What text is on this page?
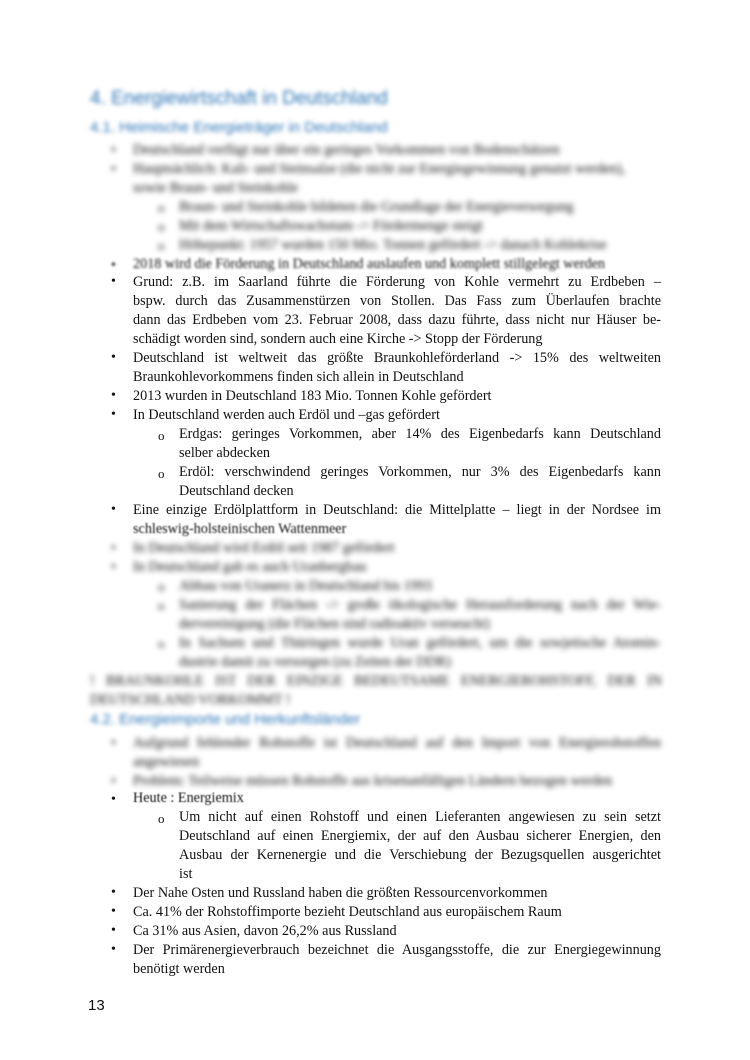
4. Energiewirtschaft in Deutschland
4.1. Heimische Energieträger in Deutschland
• Deutschland verfügt nur über ein geringes Vorkommen von Bodenschätzen
• Hauptsächlich: Kali- und Steinsalze (die nicht zur Energiegewinnung genutzt werden),
sowie Braun- und Steinkohle
o Braun- und Steinkohle bildeten die Grundlage der Energieversorgung
o Mit dem Wirtschaftswachstum -> Fördermenge steigt
o Höhepunkt: 1957 wurden 150 Mio. Tonnen gefördert -> danach Kohlekrise
• 2018 wird die Förderung in Deutschland auslaufen und komplett stillgelegt werden
• Grund: z.B. im Saarland führte die Förderung von Kohle vermehrt zu Erdbeben –
bspw. durch das Zusammenstürzen von Stollen. Das Fass zum Überlaufen brachte
dann das Erdbeben vom 23. Februar 2008, dass dazu führte, dass nicht nur Häuser be-
schädigt worden sind, sondern auch eine Kirche -> Stopp der Förderung
• Deutschland ist weltweit das größte Braunkohleförderland -> 15% des weltweiten
Braunkohlevorkommens finden sich allein in Deutschland
• 2013 wurden in Deutschland 183 Mio. Tonnen Kohle gefördert
• In Deutschland werden auch Erdöl und –gas gefördert
o Erdgas: geringes Vorkommen, aber 14% des Eigenbedarfs kann Deutschland
selber abdecken
o Erdöl: verschwindend geringes Vorkommen, nur 3% des Eigenbedarfs kann
Deutschland decken
• Eine einzige Erdölplattform in Deutschland: die Mittelplatte – liegt in der Nordsee im
schleswig-holsteinischen Wattenmeer
• In Deutschland wird Erdöl seit 1987 gefördert
• In Deutschland gab es auch Uranbergbau
o Abbau von Uranerz in Deutschland bis 1993
o Sanierung der Flächen -> große ökologische Herausforderung nach der Wie-
dervereinigung (die Flächen sind radioaktiv verseucht)
o In Sachsen und Thüringen wurde Uran gefördert, um die sowjetische Atomin-
dustrie damit zu versorgen (zu Zeiten der DDR)
! BRAUNKOHLE IST DER EINZIGE BEDEUTSAME ENERGIEROHSTOFF, DER IN
DEUTSCHLAND VORKOMMT !
4.2. Energieimporte und Herkunftsländer
• Aufgrund fehlender Rohstoffe ist Deutschland auf den Import von Energierohstoffen
angewiesen
• Problem: Teilweise müssen Rohstoffe aus krisenanfälligen Ländern bezogen werden
• Heute : Energiemix
o Um nicht auf einen Rohstoff und einen Lieferanten angewiesen zu sein setzt
Deutschland auf einen Energiemix, der auf den Ausbau sicherer Energien, den
Ausbau der Kernenergie und die Verschiebung der Bezugsquellen ausgerichtet
ist
• Der Nahe Osten und Russland haben die größten Ressourcenvorkommen
• Ca. 41% der Rohstoffimporte bezieht Deutschland aus europäischem Raum
• Ca 31% aus Asien, davon 26,2% aus Russland
• Der Primärenergieverbrauch bezeichnet die Ausgangsstoffe, die zur Energiegewinnung
benötigt werden
13
